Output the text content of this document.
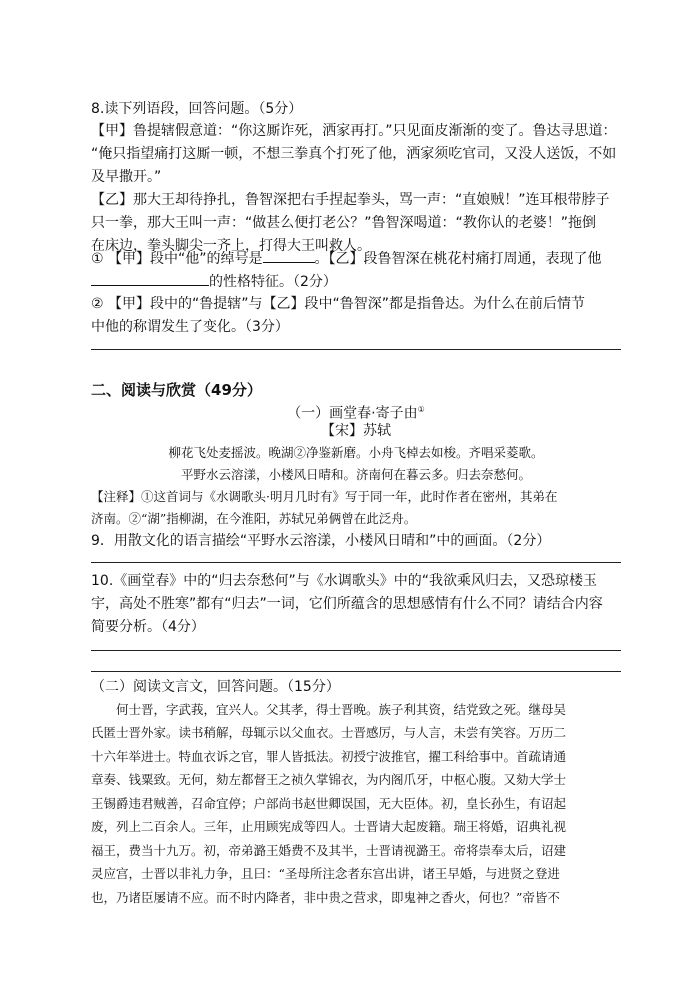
8.读下列语段，回答问题。（5分）
【甲】鲁提辖假意道：“你这厮诈死，洒家再打。”只见面皮渐渐的变了。鲁达寻思道：
“俺只指望痛打这厮一顿，不想三拳真个打死了他，洒家须吃官司，又没人送饭，不如
及早撒开。”
【乙】那大王却待挣扎，鲁智深把右手捏起拳头，骂一声：“直娘贼！”连耳根带脖子
只一拳，那大王叫一声：“做甚么便打老公？”鲁智深喝道：“教你认的老婆！”拖倒
在床边，拳头脚尖一齐上，打得大王叫救人。
① 【甲】段中“他”的绰号是	。【乙】段鲁智深在桃花村痛打周通，表现了他
的性格特征。（2分）
② 【甲】段中的“鲁提辖”与【乙】段中“鲁智深”都是指鲁达。为什么在前后情节
中他的称谓发生了变化。（3分）
二、阅读与欣赏（49分）
（一）画堂春·寄子由①
【宋】苏轼
柳花飞处麦摇波。晚湖②净鉴新磨。小舟飞棹去如梭。齐唱采菱歌。
平野水云溶漾，小楼风日晴和。济南何在暮云多。归去奈愁何。
【注释】①这首词与《水调歌头·明月几时有》写于同一年，此时作者在密州，其弟在
济南。②“湖”指柳湖，在今淮阳，苏轼兄弟俩曾在此泛舟。
9．用散文化的语言描绘“平野水云溶漾，小楼风日晴和”中的画面。（2分）
10.《画堂春》中的“归去奈愁何”与《水调歌头》中的“我欲乘风归去，又恐琼楼玉
宇，高处不胜寒”都有“归去”一词，它们所蕴含的思想感情有什么不同？请结合内容
简要分析。（4分）
（二）阅读文言文，回答问题。（15分）
　　何士晋，字武莪，宜兴人。父其孝，得士晋晚。族子利其资，结党致之死。继母吴
氏匿士晋外家。读书稍解，母辄示以父血衣。士晋感厉，与人言，未尝有笑容。万历二
十六年举进士。特血衣诉之官，罪人皆抵法。初授宁波推官，擢工科给事中。首疏请通
章奏、钱粟致。无何，劾左都督王之祯久掌锦衣，为内阁爪牙，中枢心腹。又劾大学士
王锡爵违君贼善，召命宜停；户部尚书赵世卿误国，无大臣体。初，皇长孙生，有诏起
废，列上二百余人。三年，止用顾宪成等四人。士晋请大起废籍。瑞王将婚，诏典礼视
福王，费当十九万。初，帝弟潞王婚费不及其半，士晋请视潞王。帝将崇奉太后，诏建
灵应宫，士晋以非礼力争，且曰：“圣母所注念者东宫出讲，诸王早婚，与进贤之登进
也，乃诸臣屡请不应。而不时内降者，非中贵之营求，即鬼神之香火，何也？”帝皆不
